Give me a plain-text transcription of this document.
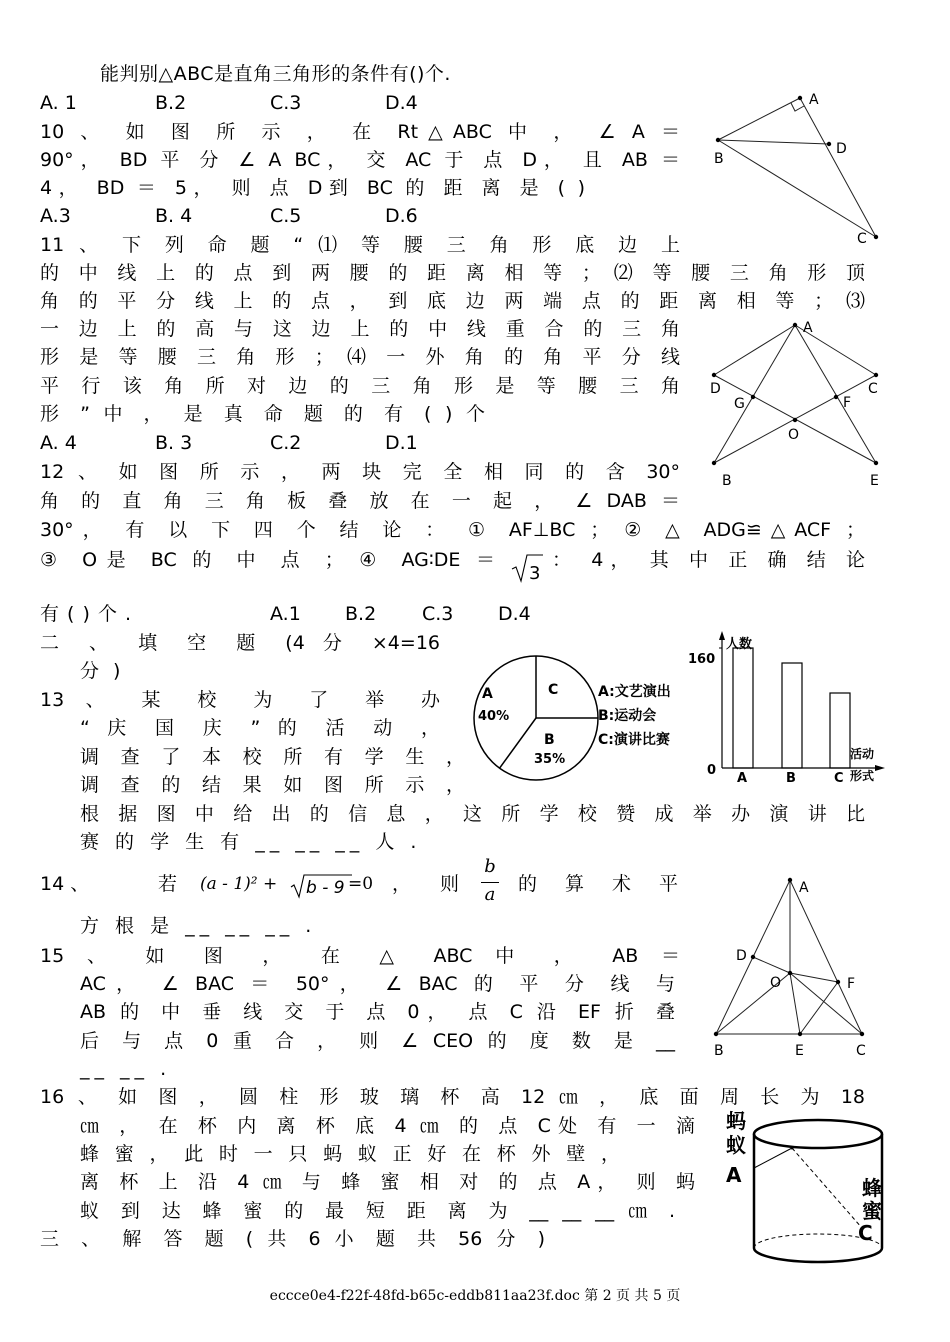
能判别△ABC是直角三角形的条件有()个.
A. 1	B.2	C.3	D.4
10 、 如 图 所 示 ， 在 Rt△ABC 中 ， ∠ A ＝
90°， BD 平 分 ∠ A BC， 交 AC 于 点 D， 且 AB ＝
4， BD ＝ 5， 则 点 D到 BC 的 距 离 是 ( )
A.3	B. 4	C.5	D.6
A
B
D
C
11 、 下 列 命 题 “ ⑴ 等 腰 三 角 形 底 边 上
的 中 线 上 的 点 到 两 腰 的 距 离 相 等 ； ⑵ 等 腰 三 角 形 顶
角 的 平 分 线 上 的 点 ， 到 底 边 两 端 点 的 距 离 相 等 ； ⑶
一 边 上 的 高 与 这 边 上 的 中 线 重 合 的 三 角
形 是 等 腰 三 角 形 ； ⑷ 一 外 角 的 角 平 分 线
平 行 该 角 所 对 边 的 三 角 形 是 等 腰 三 角
形 ” 中 ， 是 真 命 题 的 有 ( ) 个
A. 4	B. 3	C.2	D.1
A
D	C
G	F
O
B	E
12 、 如 图 所 示 ， 两 块 完 全 相 同 的 含 30°
角 的 直 角 三 角 板 叠 放 在 一 起 ， ∠ DAB ＝
30°， 有 以 下 四 个 结 论 ： ① AF⊥BC ； ② △ ADG≌△ACF ；
③ O是 BC 的 中 点 ； ④ AG∶DE ＝
3
： 4， 其 中 正 确 结 论
有 ( ) 个 .	A.1 B.2 C.3 D.4
二 、 填 空 题 (4 分 ×4=16
分 )
13 、 某 校 为 了 举 办
“ 庆 国 庆 ” 的 活 动 ，
调 查 了 本 校 所 有 学 生 ，
调 查 的 结 果 如 图 所 示 ，
根 据 图 中 给 出 的 信 息 ， 这 所 学 校 赞 成 举 办 演 讲 比
赛 的 学 生 有 __ __ __ 人 .
A
40%
C
B
35%
A:文艺演出
B:运动会
C:演讲比赛
人数
160
0
A	B	C
活动
形式
14 、	若	(a - 1)² +	b - 9 =0 ，	则
b
a 的 算 术 平
方 根 是 __ __ __ .
A
D
O	F
B	E	C
15 、 如 图 ， 在 △ ABC 中 ， AB ＝
AC， ∠ BAC ＝ 50°， ∠ BAC 的 平 分 线 与
AB 的 中 垂 线 交 于 点 0， 点 C 沿 EF 折 叠
后 与 点 0 重 合 ， 则 ∠ CEO 的 度 数 是 __
__ __ .
16 、 如 图 ， 圆 柱 形 玻 璃 杯 高 12 ㎝ ， 底 面 周 长 为 18
㎝ ， 在 杯 内 离 杯 底 4 ㎝ 的 点 C处 有 一 滴
蜂 蜜 ， 此 时 一 只 蚂 蚁 正 好 在 杯 外 壁 ，
离 杯 上 沿 4 ㎝ 与 蜂 蜜 相 对 的 点 A， 则 蚂
蚁 到 达 蜂 蜜 的 最 短 距 离 为 __ __ __ ㎝ .
蚂
蚁
A
蜂
蜜
C
三 、 解 答 题 ( 共 6 小 题 共 56 分 )
eccce0e4-f22f-48fd-b65c-eddb811aa23f.doc 第 2 页 共 5 页
